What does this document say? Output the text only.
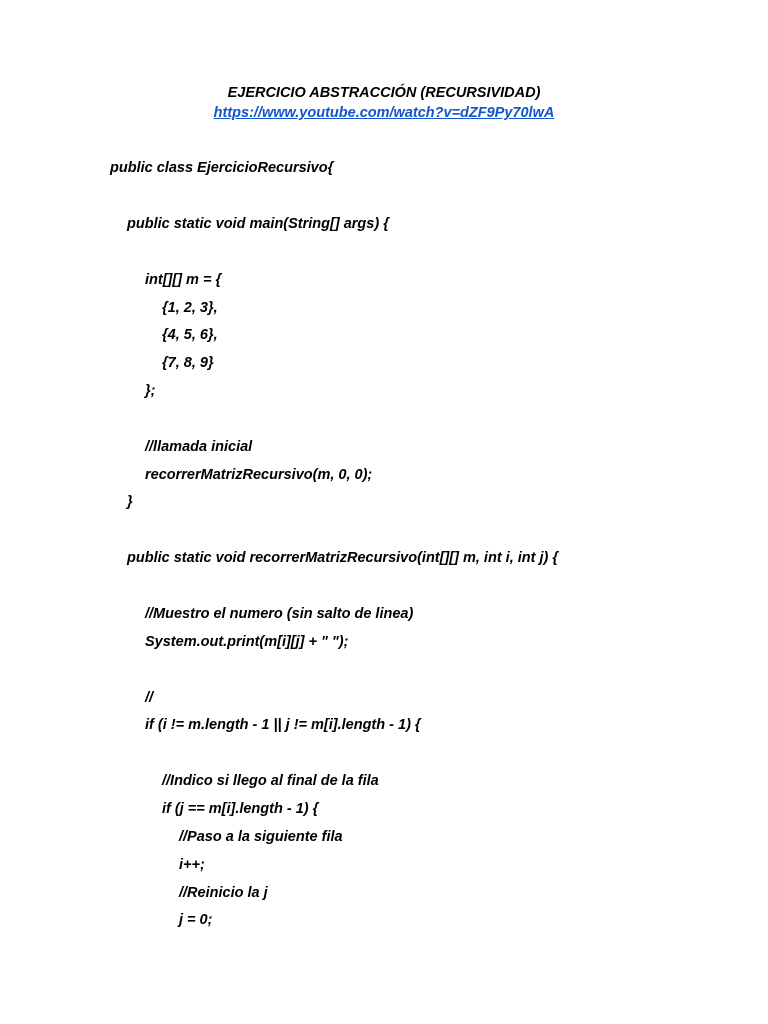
EJERCICIO ABSTRACCIÓN (RECURSIVIDAD)
https://www.youtube.com/watch?v=dZF9Py70lwA
public class EjercicioRecursivo{
public static void main(String[] args) {
int[][] m = {
{1, 2, 3},
{4, 5, 6},
{7, 8, 9}
};
//llamada inicial
recorrerMatrizRecursivo(m, 0, 0);
}
public static void recorrerMatrizRecursivo(int[][] m, int i, int j) {
//Muestro el numero (sin salto de linea)
System.out.print(m[i][j] + " ");
//
if (i != m.length - 1 || j != m[i].length - 1) {
//Indico si llego al final de la fila
if (j == m[i].length - 1) {
//Paso a la siguiente fila
i++;
//Reinicio la j
j = 0;
